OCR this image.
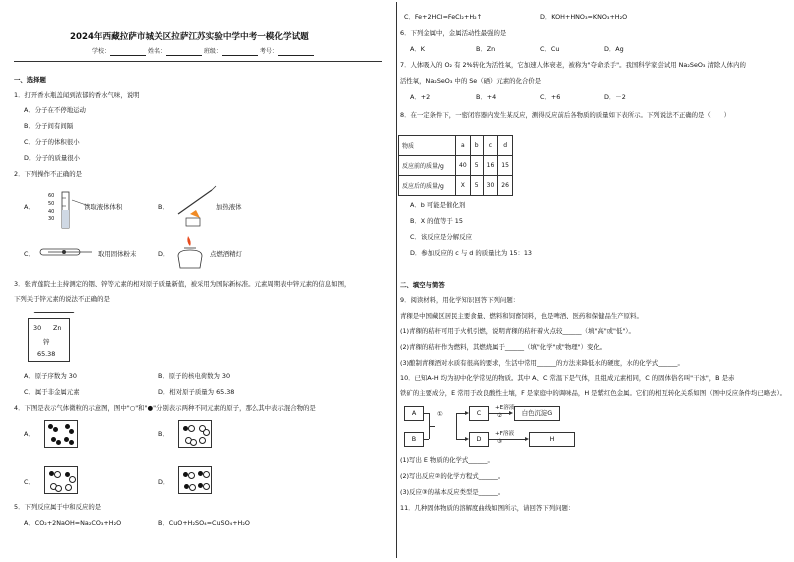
2024年西藏拉萨市城关区拉萨江苏实验中学中考一模化学试题
学校：	姓名：	班级：	考号：
一、选择题
1．打开香水瓶盖闻到浓郁的香水气味，说明
A．分子在不停地运动
B．分子间有间隔
C．分子的体积很小
D．分子的质量很小
2．下列操作不正确的是
A．
60
50
40
30
读取液体体积	B．	加热液体
C．	取用固体粉末	D．	点燃酒精灯
3．张青莲院士主持测定的铟、锌等元素的相对原子质量新值，被采用为国际新标准。元素周期表中锌元素的信息如图，
下列关于锌元素的说法不正确的是
30 Zn
锌
65.38
A．原子序数为 30	B．原子的核电荷数为 30
C．属于非金属元素	D．相对原子质量为 65.38
4．下图是表示气体微粒的示意图，图中"○"和"●"分别表示两种不同元素的原子，那么其中表示混合物的是
A．	B．
C．	D．
5．下列反应属于中和反应的是
A．CO₂+2NaOH=Na₂CO₃+H₂O	B．CuO+H₂SO₄=CuSO₄+H₂O
C．Fe+2HCl=FeCl₂+H₂↑	D．KOH+HNO₃=KNO₃+H₂O
6．下列金属中，金属活动性最强的是
A．K	B．Zn	C．Cu	D．Ag
7．人体吸入的 O₂ 有 2%转化为活性氧，它加速人体衰老，被称为"夺命杀手"。我国科学家尝试用 Na₂SeO₃ 清除人体内的
活性氧，Na₂SeO₃ 中的 Se（硒）元素的化合价是
A．+2	B．+4	C．+6	D．－2
8．在一定条件下，一密闭容器内发生某反应，测得反应前后各物质的质量如下表所示。下列说法不正确的是（　　）
物质	a	b	c	d
反应前的质量/g	40	5	16	15
反应后的质量/g	X	5	30	26
A．b 可能是催化剂
B．X 的值等于 15
C．该反应是分解反应
D．参加反应的 c 与 d 的质量比为 15：13
二、填空与简答
9．阅读材料，用化学知识回答下列问题：
青稞是中国藏区居民主要食量、燃料和饲畜饲料，也是啤酒、医药和保健品生产原料。
(1)青稞的秸秆可用于火机引燃，说明青稞的秸秆着火点较______（填"高"或"低"）。
(2)青稞的秸秆作为燃料，其燃烧属于______（填"化学"或"物理"）变化。
(3)酿制青稞酒对水质有很高的要求，生活中常用______的方法来降低水的硬度，水的化学式______。
10．已知A-H 均为初中化学常见的物质。其中 A、C 常温下是气体，且组成元素相同，C 的固体俗名叫"干冰"，B 是赤
铁矿的主要成分，E 常用于改良酸性土壤，F 是家庭中的调味品，H 是紫红色金属。它们的相互转化关系如图（图中反应条件均已略去）。
A
B
①	C
D
+E溶液
②	白色沉淀G
+F溶液
③	H
(1)写出 E 物质的化学式______。
(2)写出反应②的化学方程式______。
(3)反应③的基本反应类型是______。
11．几种固体物质的溶解度曲线如图所示，请回答下列问题：
